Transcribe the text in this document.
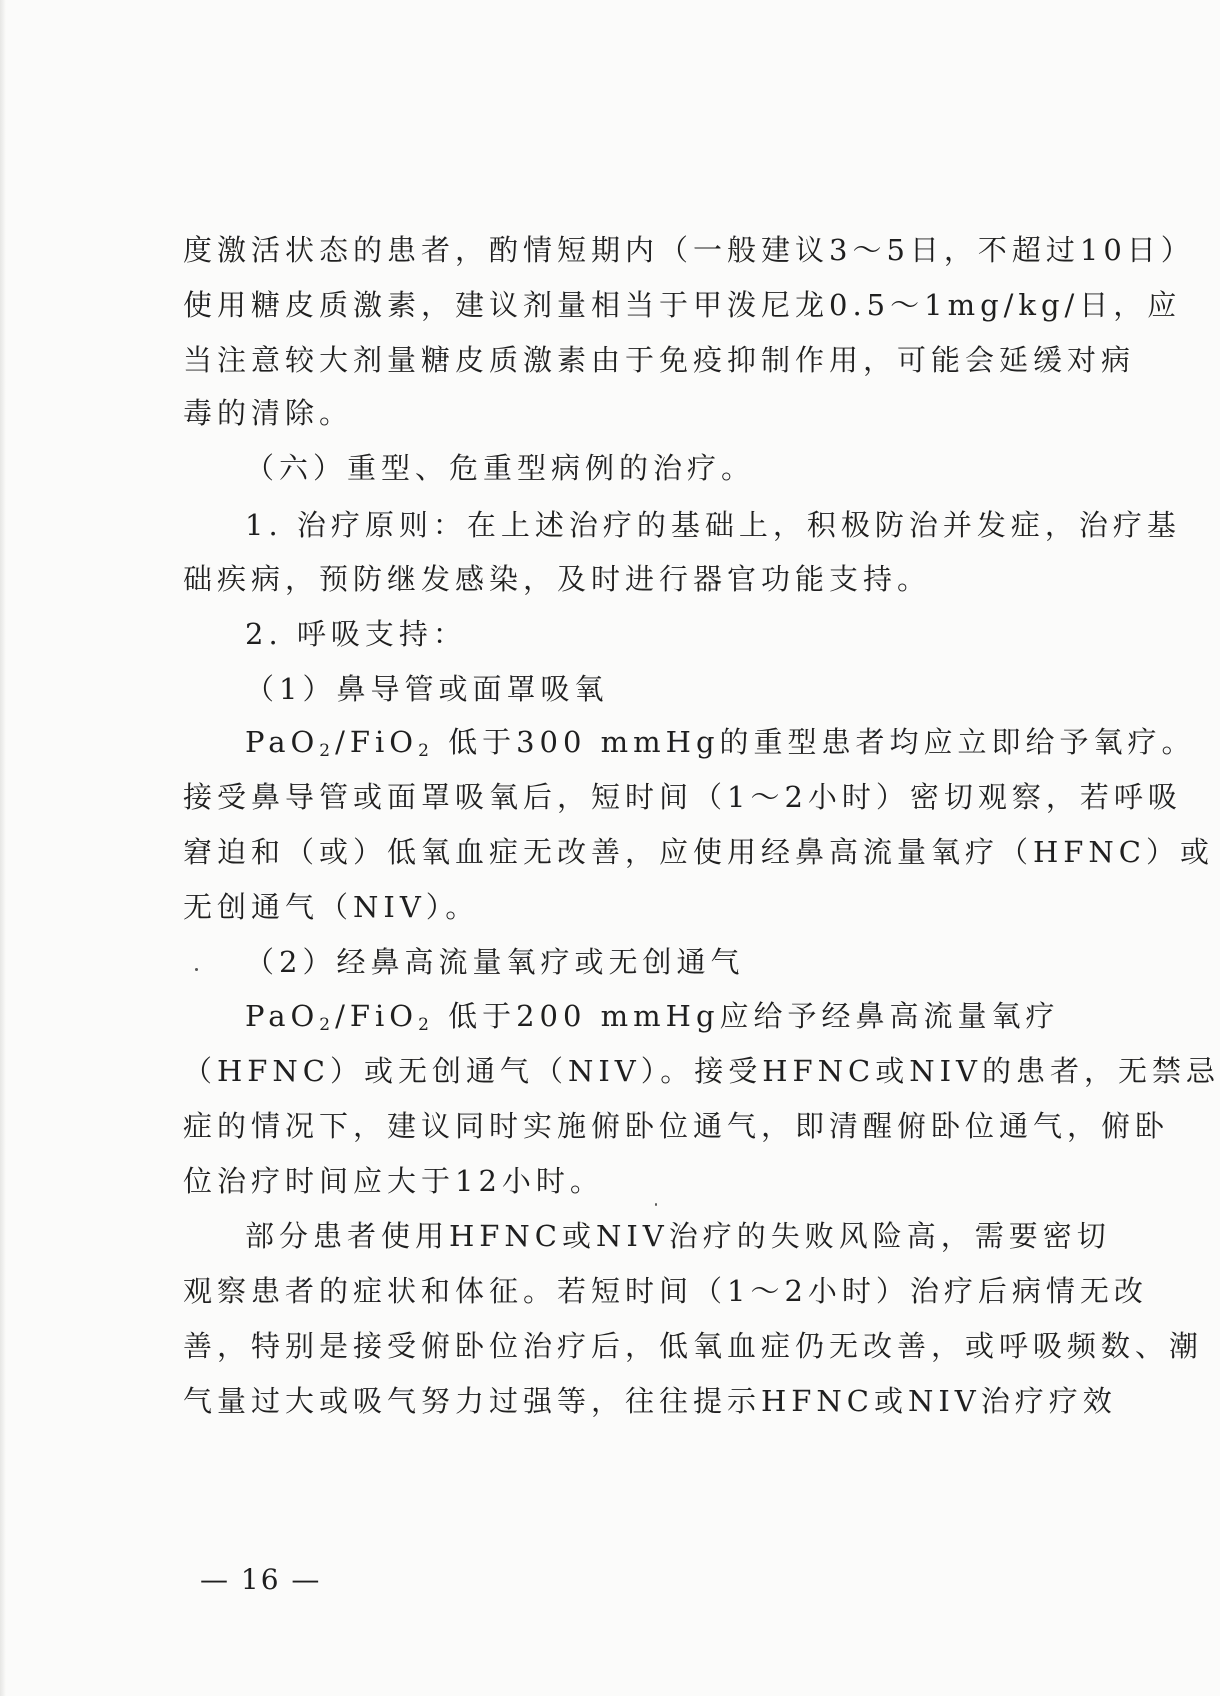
度激活状态的患者，酌情短期内（一般建议3～5日，不超过10日）
使用糖皮质激素，建议剂量相当于甲泼尼龙0.5～1mg/kg/日，应
当注意较大剂量糖皮质激素由于免疫抑制作用，可能会延缓对病
毒的清除。
（六）重型、危重型病例的治疗。
1. 治疗原则：在上述治疗的基础上，积极防治并发症，治疗基
础疾病，预防继发感染，及时进行器官功能支持。
2. 呼吸支持：
（1）鼻导管或面罩吸氧
PaO$_2$/FiO$_2$ 低于300 mmHg的重型患者均应立即给予氧疗。
接受鼻导管或面罩吸氧后，短时间（1～2小时）密切观察，若呼吸
窘迫和（或）低氧血症无改善，应使用经鼻高流量氧疗（HFNC）或
无创通气（NIV）。
（2）经鼻高流量氧疗或无创通气
PaO$_2$/FiO$_2$ 低于200 mmHg应给予经鼻高流量氧疗
（HFNC）或无创通气（NIV）。接受HFNC或NIV的患者，无禁忌
症的情况下，建议同时实施俯卧位通气，即清醒俯卧位通气，俯卧
位治疗时间应大于12小时。
部分患者使用HFNC或NIV治疗的失败风险高，需要密切
观察患者的症状和体征。若短时间（1～2小时）治疗后病情无改
善，特别是接受俯卧位治疗后，低氧血症仍无改善，或呼吸频数、潮
气量过大或吸气努力过强等，往往提示HFNC或NIV治疗疗效
— 16 —
